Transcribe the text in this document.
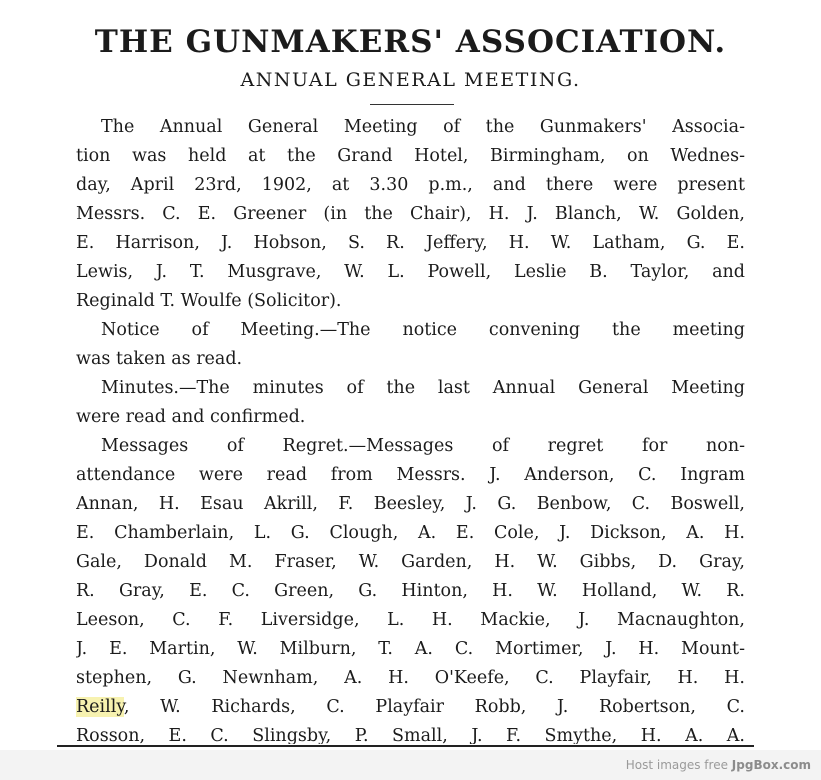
THE GUNMAKERS' ASSOCIATION.
ANNUAL GENERAL MEETING.
The Annual General Meeting of the Gunmakers' Associa-
tion was held at the Grand Hotel, Birmingham, on Wednes-
day, April 23rd, 1902, at 3.30 p.m., and there were present
Messrs. C. E. Greener (in the Chair), H. J. Blanch, W. Golden,
E. Harrison, J. Hobson, S. R. Jeffery, H. W. Latham, G. E.
Lewis, J. T. Musgrave, W. L. Powell, Leslie B. Taylor, and
Reginald T. Woulfe (Solicitor).
Notice of Meeting.—The notice convening the meeting
was taken as read.
Minutes.—The minutes of the last Annual General Meeting
were read and confirmed.
Messages of Regret.—Messages of regret for non-
attendance were read from Messrs. J. Anderson, C. Ingram
Annan, H. Esau Akrill, F. Beesley, J. G. Benbow, C. Boswell,
E. Chamberlain, L. G. Clough, A. E. Cole, J. Dickson, A. H.
Gale, Donald M. Fraser, W. Garden, H. W. Gibbs, D. Gray,
R. Gray, E. C. Green, G. Hinton, H. W. Holland, W. R.
Leeson, C. F. Liversidge, L. H. Mackie, J. Macnaughton,
J. E. Martin, W. Milburn, T. A. C. Mortimer, J. H. Mount-
stephen, G. Newnham, A. H. O'Keefe, C. Playfair, H. H.
Reilly, W. Richards, C. Playfair Robb, J. Robertson, C.
Rosson, E. C. Slingsby, P. Small, J. F. Smythe, H. A. A.
Host images free JpgBox.com
